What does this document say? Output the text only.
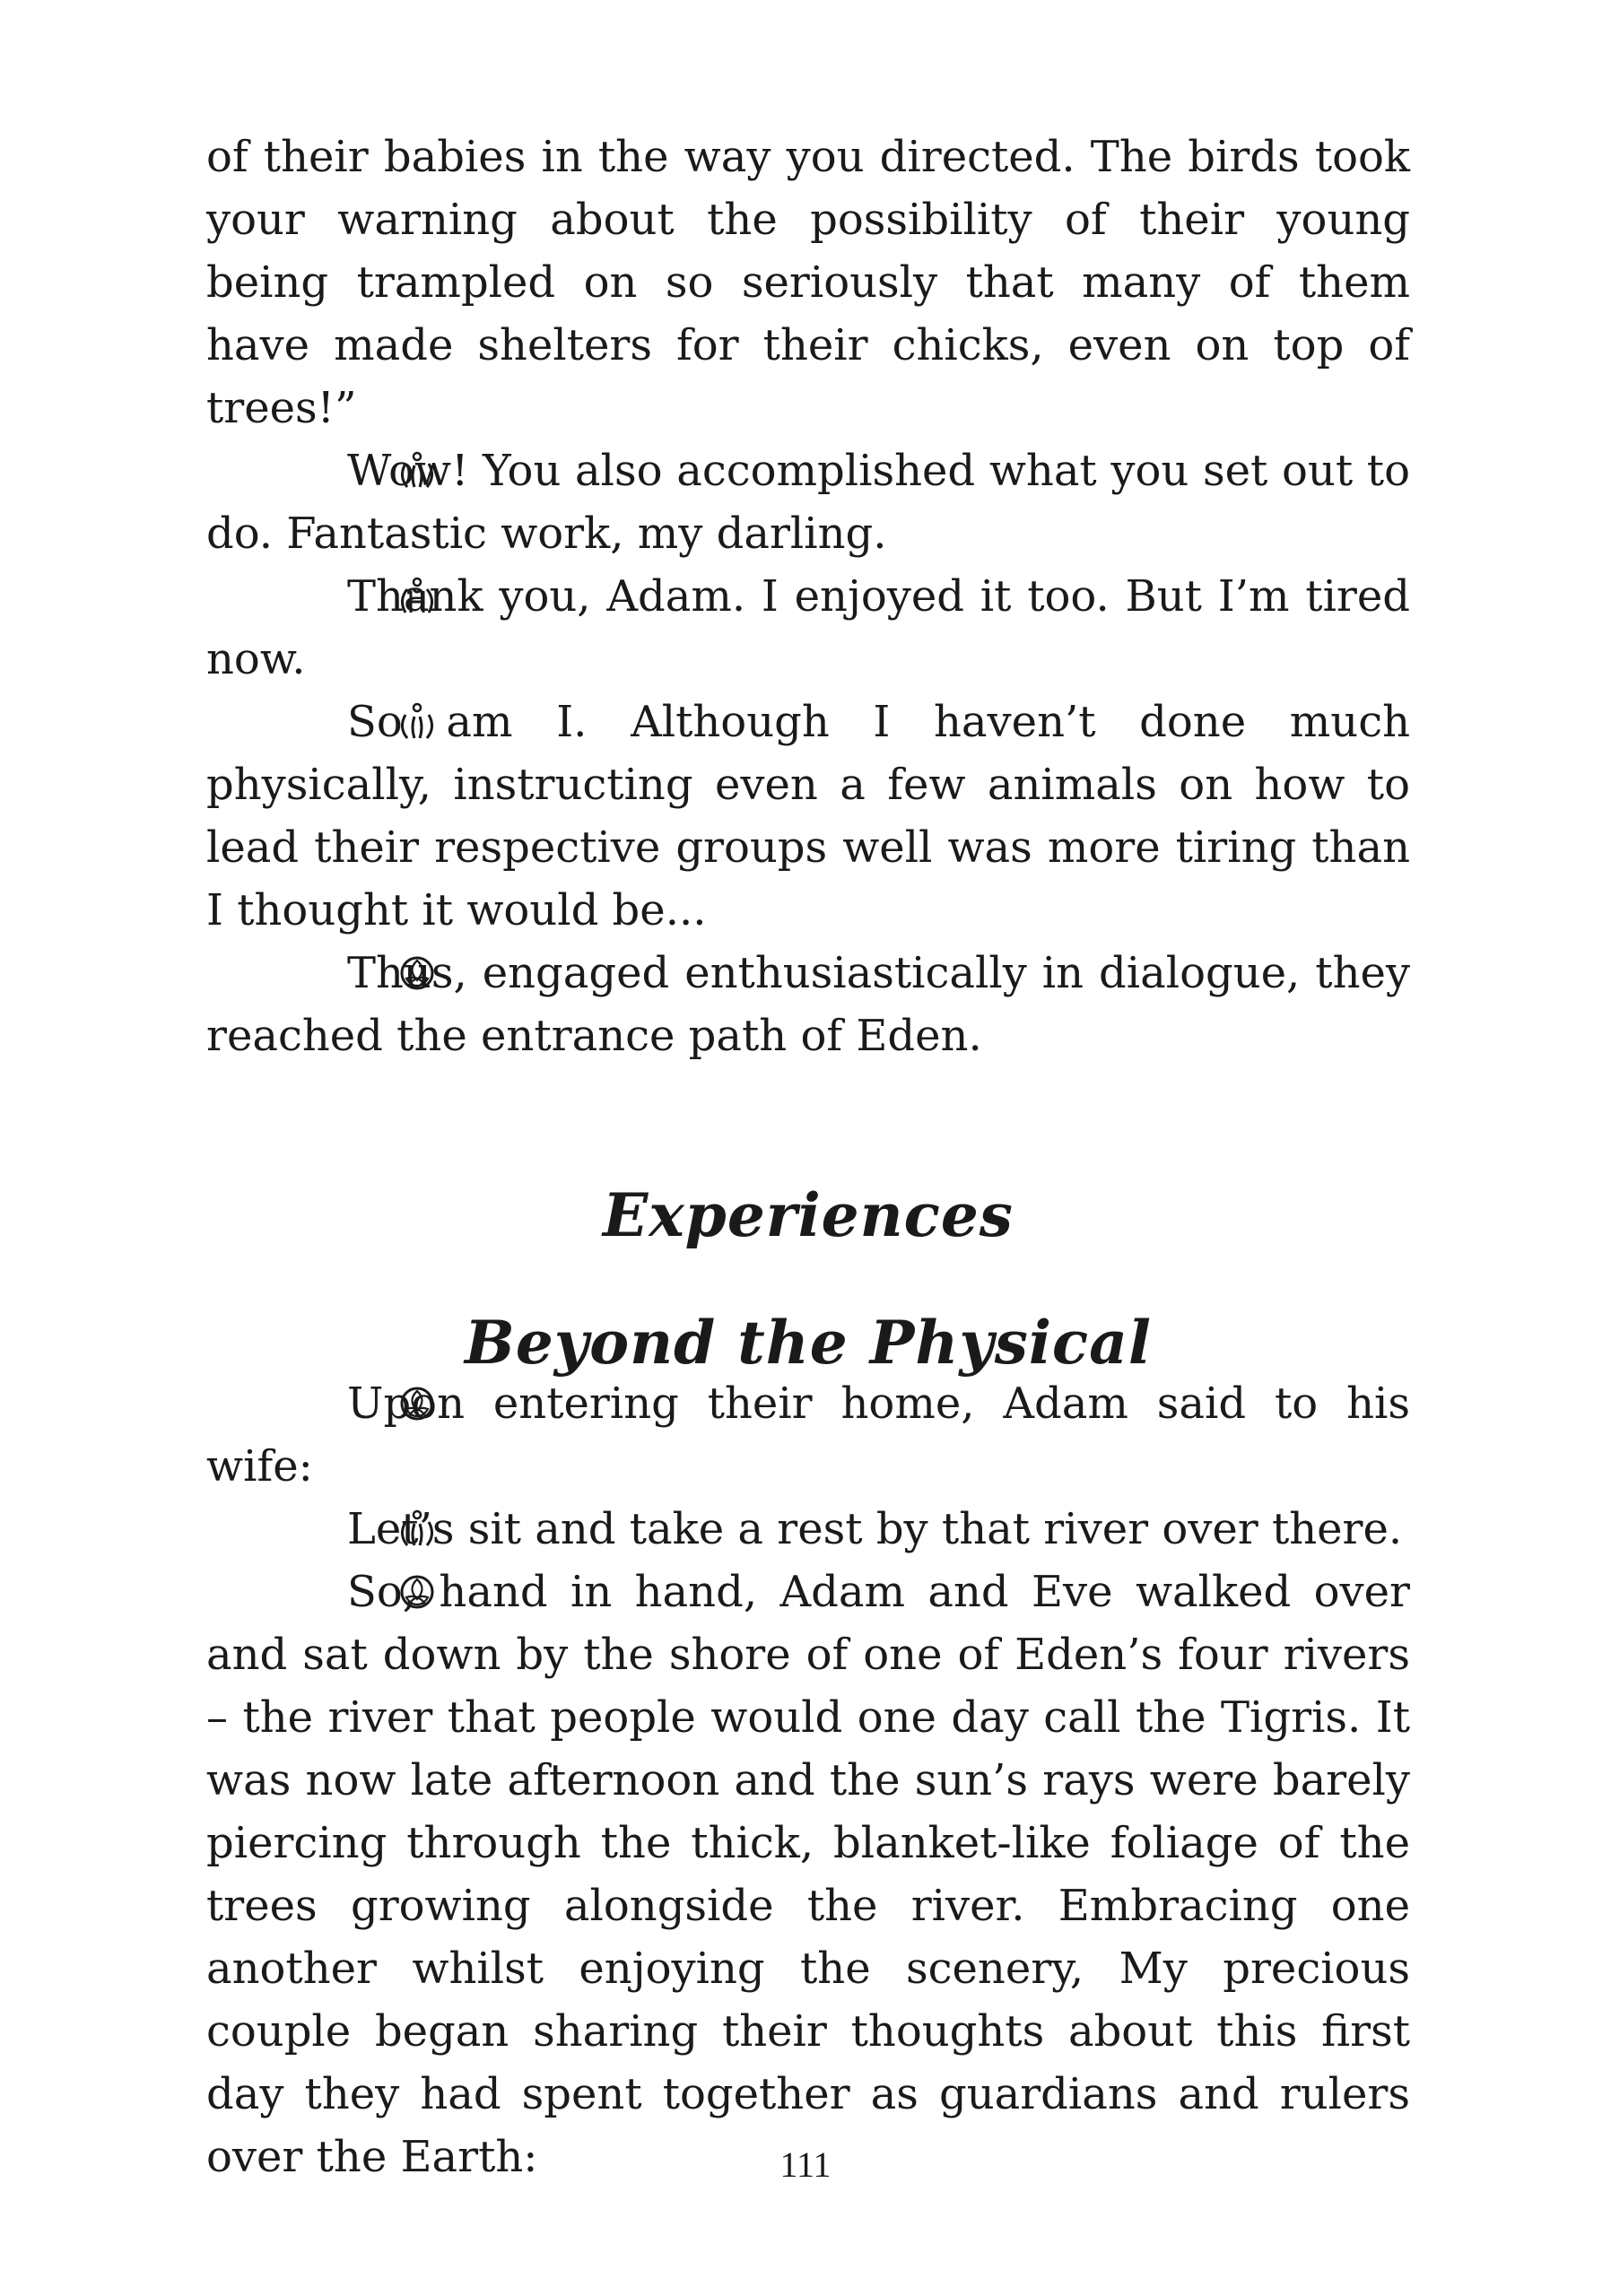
of their babies in the way you directed. The birds took your warning about the possibility of their young being trampled on so seriously that many of them have made shelters for their chicks, even on top of trees!”

Wow! You also accomplished what you set out to do. Fantastic work, my darling.

Thank you, Adam. I enjoyed it too. But I’m tired now.

So am I. Although I haven’t done much physically, instructing even a few animals on how to lead their respective groups well was more tiring than I thought it would be...

Thus, engaged enthusiastically in dialogue, they reached the entrance path of Eden.

Experiences
Beyond the Physical

Upon entering their home, Adam said to his wife:

Let’s sit and take a rest by that river over there.

So, hand in hand, Adam and Eve walked over and sat down by the shore of one of Eden’s four rivers – the river that people would one day call the Tigris. It was now late afternoon and the sun’s rays were barely piercing through the thick, blanket-like foliage of the trees growing alongside the river. Embracing one another whilst enjoying the scenery, My precious couple began sharing their thoughts about this first day they had spent together as guardians and rulers over the Earth:	111
